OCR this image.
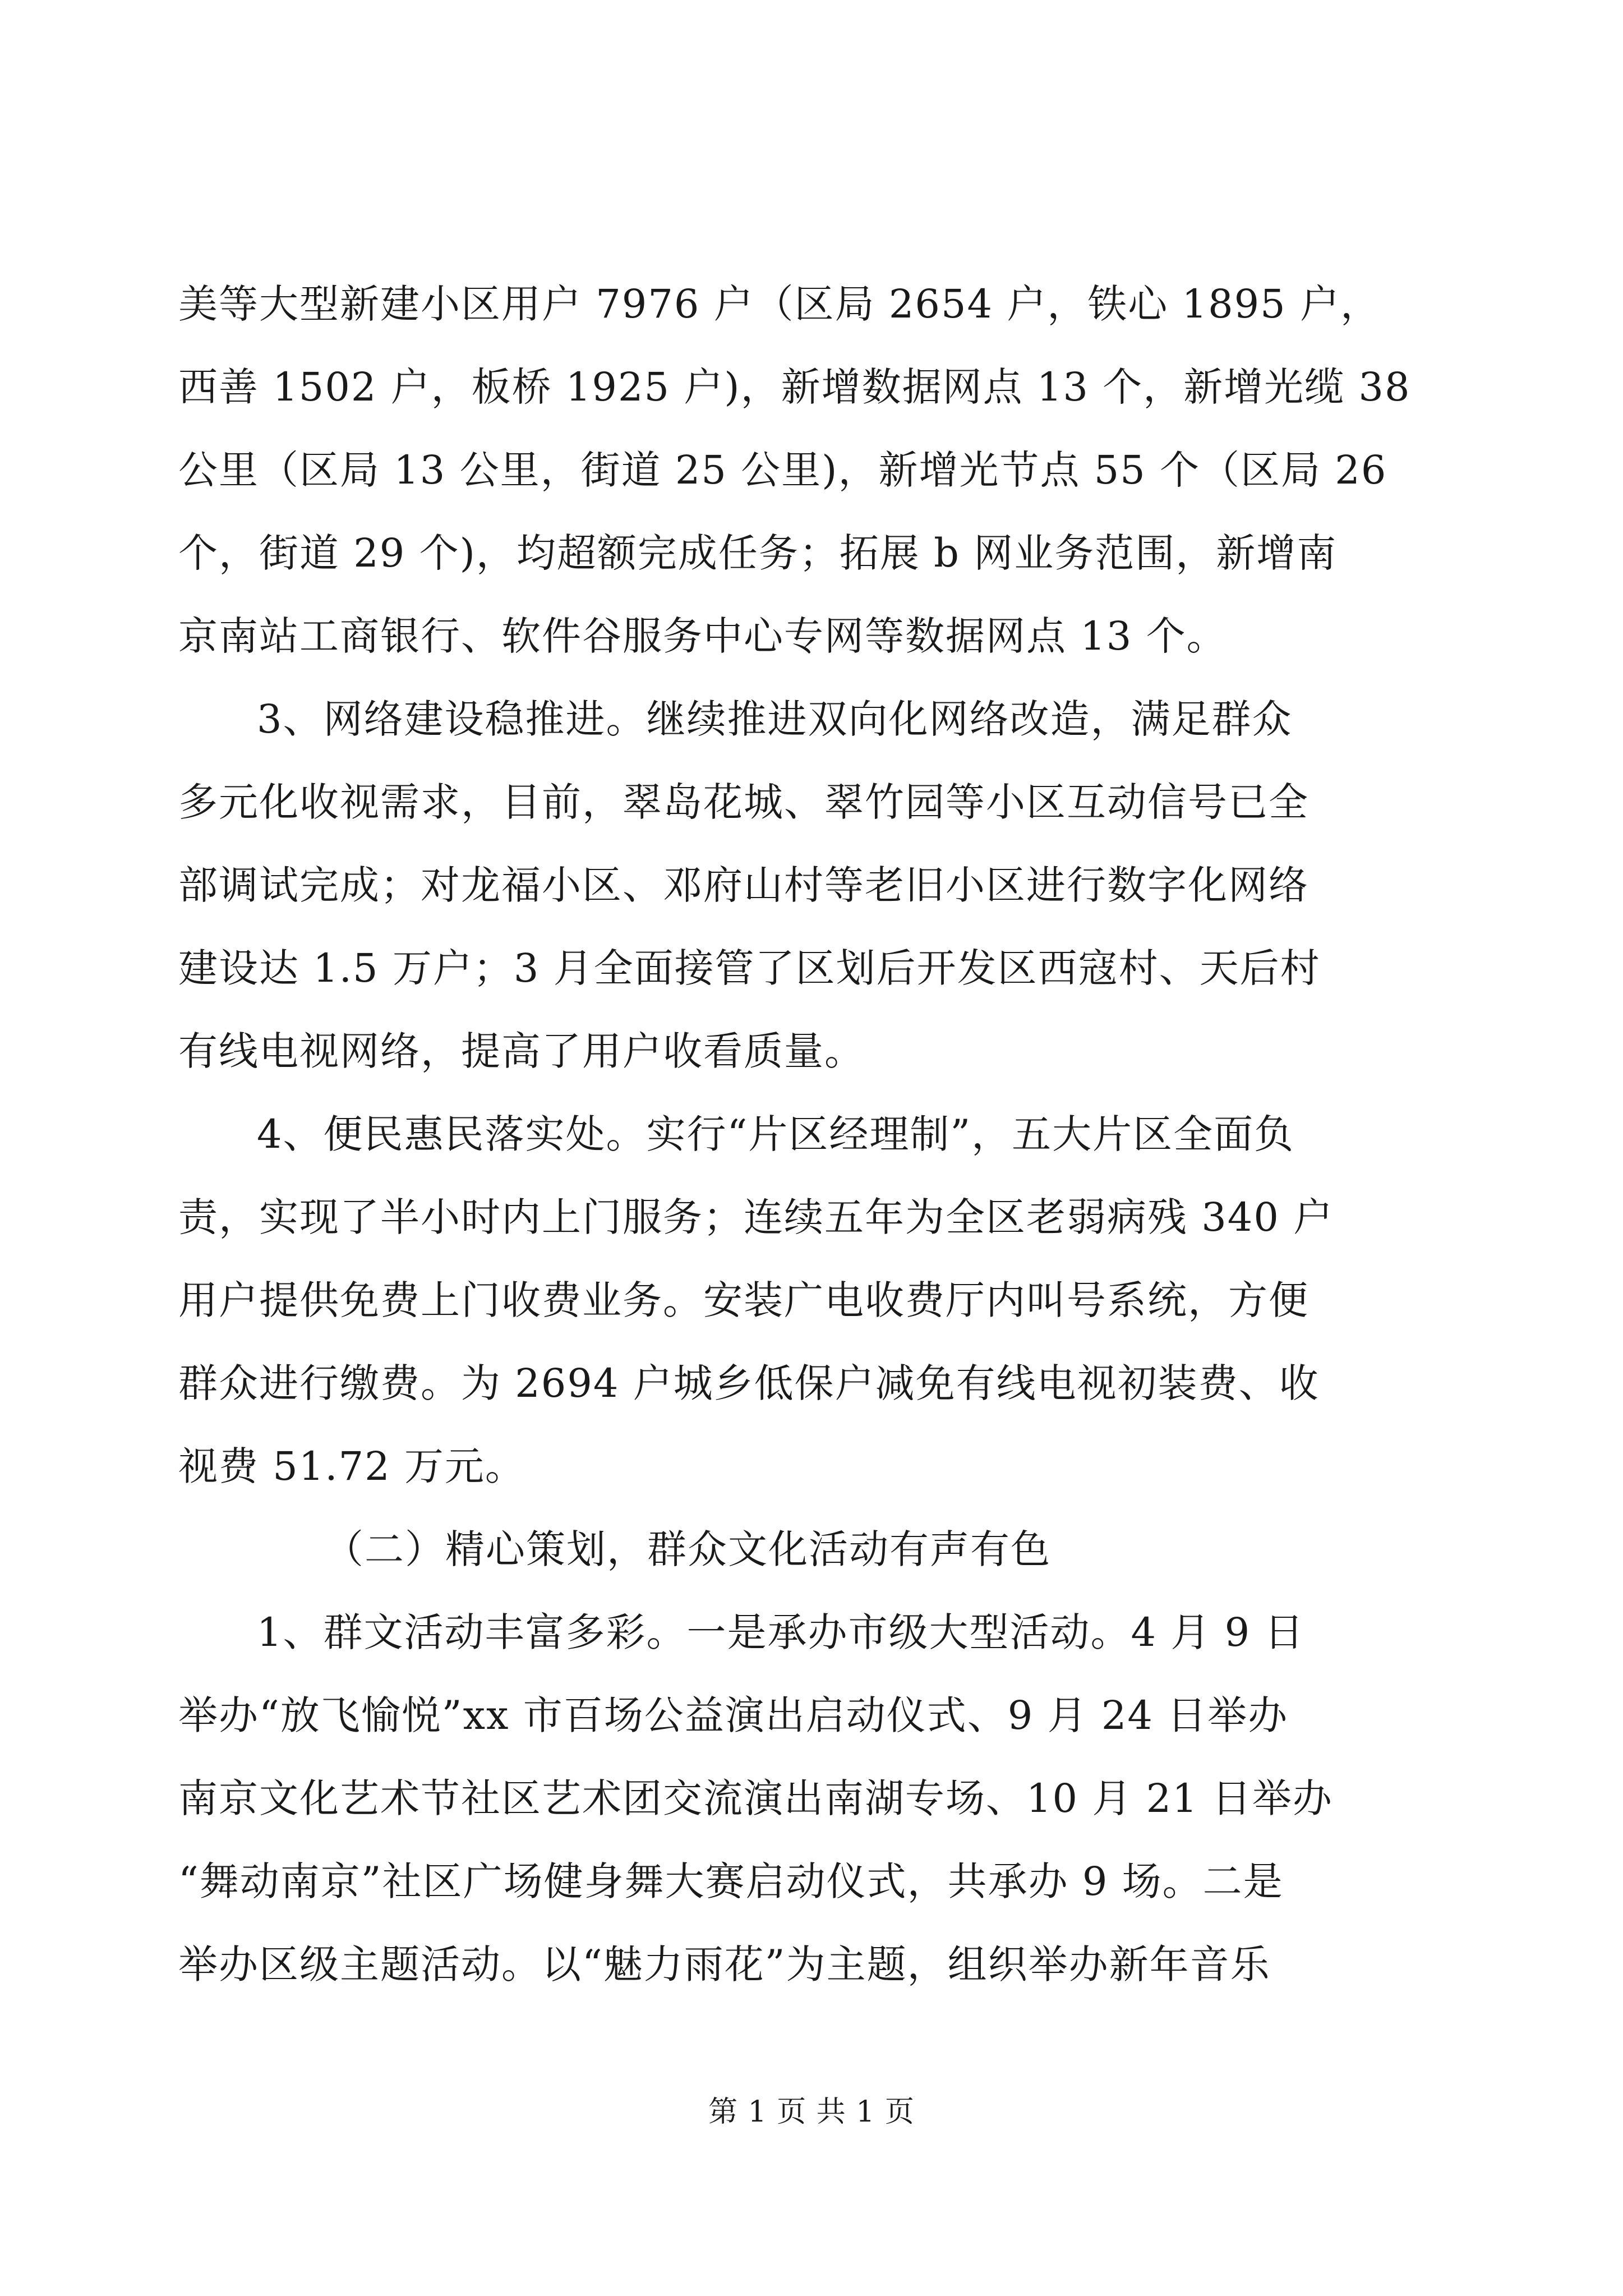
美等大型新建小区用户 7976 户（区局 2654 户，铁心 1895 户，
西善 1502 户，板桥 1925 户)，新增数据网点 13 个，新增光缆 38
公里（区局 13 公里，街道 25 公里)，新增光节点 55 个（区局 26
个，街道 29 个)，均超额完成任务；拓展 b 网业务范围，新增南
京南站工商银行、软件谷服务中心专网等数据网点 13 个。
3、网络建设稳推进。继续推进双向化网络改造，满足群众
多元化收视需求，目前，翠岛花城、翠竹园等小区互动信号已全
部调试完成；对龙福小区、邓府山村等老旧小区进行数字化网络
建设达 1.5 万户；3 月全面接管了区划后开发区西寇村、天后村
有线电视网络，提高了用户收看质量。
4、便民惠民落实处。实行“片区经理制”，五大片区全面负
责，实现了半小时内上门服务；连续五年为全区老弱病残 340 户
用户提供免费上门收费业务。安装广电收费厅内叫号系统，方便
群众进行缴费。为 2694 户城乡低保户减免有线电视初装费、收
视费 51.72 万元。
（二）精心策划，群众文化活动有声有色
1、群文活动丰富多彩。一是承办市级大型活动。4 月 9 日
举办“放飞愉悦”xx 市百场公益演出启动仪式、9 月 24 日举办
南京文化艺术节社区艺术团交流演出南湖专场、10 月 21 日举办
“舞动南京”社区广场健身舞大赛启动仪式，共承办 9 场。二是
举办区级主题活动。以“魅力雨花”为主题，组织举办新年音乐
第 1 页 共 1 页
